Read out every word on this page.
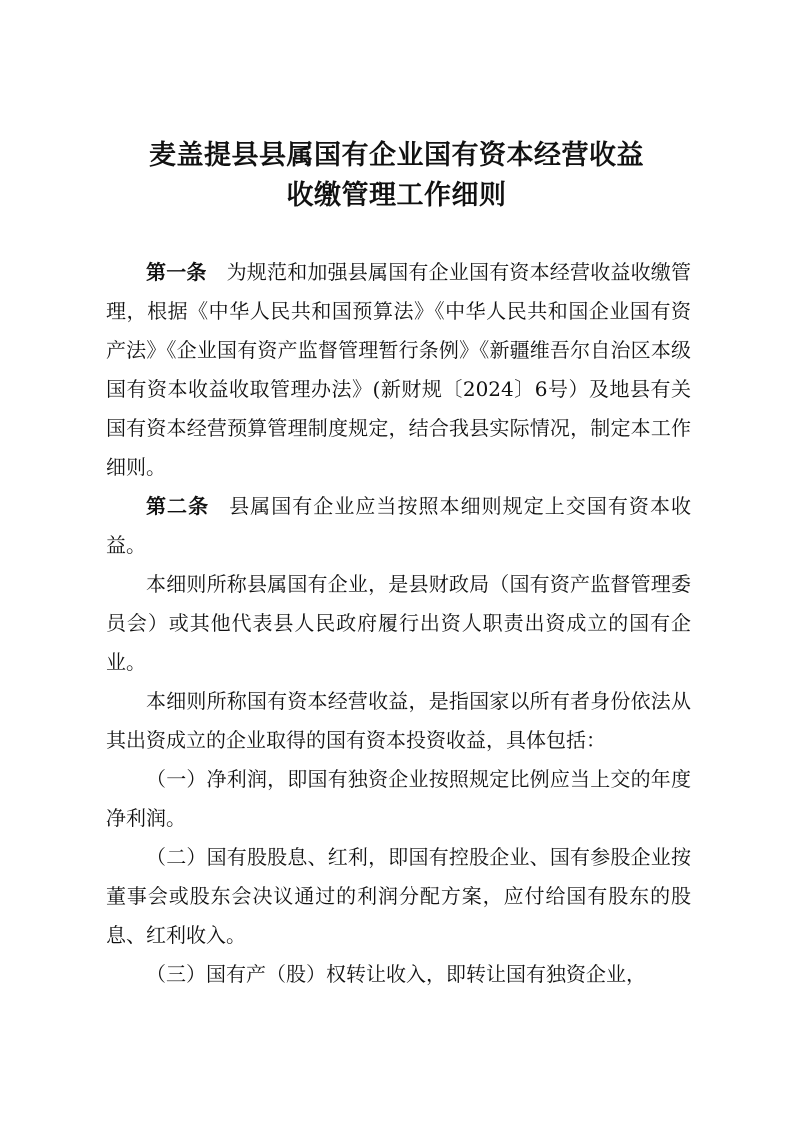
麦盖提县县属国有企业国有资本经营收益
收缴管理工作细则

第一条 为规范和加强县属国有企业国有资本经营收益收缴管理，根据《中华人民共和国预算法》《中华人民共和国企业国有资产法》《企业国有资产监督管理暂行条例》《新疆维吾尔自治区本级国有资本收益收取管理办法》(新财规〔2024〕6号）及地县有关国有资本经营预算管理制度规定，结合我县实际情况，制定本工作细则。

第二条 县属国有企业应当按照本细则规定上交国有资本收益。

本细则所称县属国有企业，是县财政局（国有资产监督管理委员会）或其他代表县人民政府履行出资人职责出资成立的国有企业。

本细则所称国有资本经营收益，是指国家以所有者身份依法从其出资成立的企业取得的国有资本投资收益，具体包括：

（一）净利润，即国有独资企业按照规定比例应当上交的年度净利润。

（二）国有股股息、红利，即国有控股企业、国有参股企业按董事会或股东会决议通过的利润分配方案，应付给国有股东的股息、红利收入。

（三）国有产（股）权转让收入，即转让国有独资企业，
